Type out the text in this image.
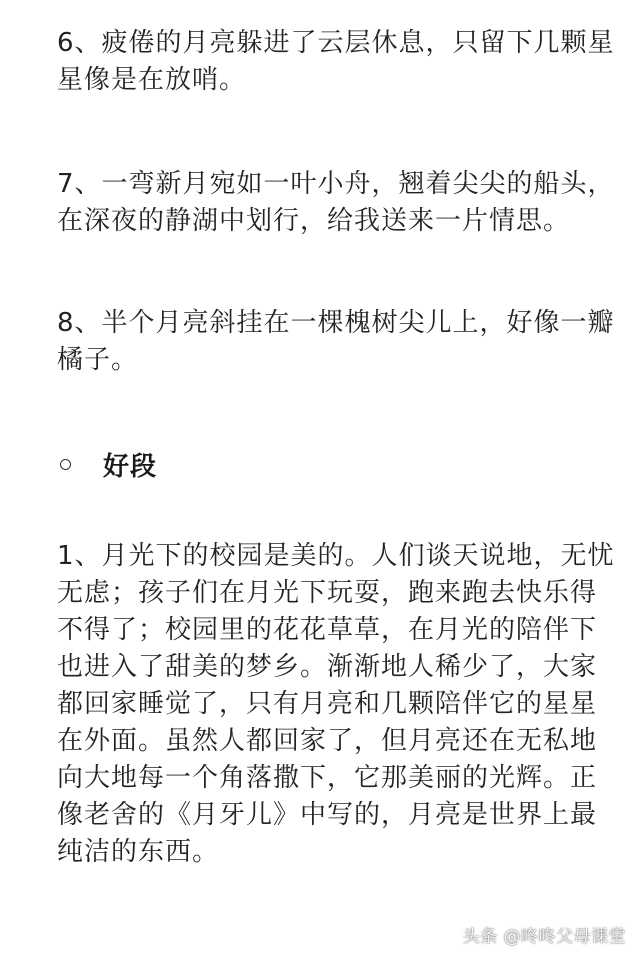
6、疲倦的月亮躲进了云层休息，只留下几颗星
星像是在放哨。
7、一弯新月宛如一叶小舟，翘着尖尖的船头，
在深夜的静湖中划行，给我送来一片情思。
8、半个月亮斜挂在一棵槐树尖儿上，好像一瓣
橘子。
好段
1、月光下的校园是美的。人们谈天说地，无忧
无虑；孩子们在月光下玩耍，跑来跑去快乐得
不得了；校园里的花花草草，在月光的陪伴下
也进入了甜美的梦乡。渐渐地人稀少了，大家
都回家睡觉了，只有月亮和几颗陪伴它的星星
在外面。虽然人都回家了，但月亮还在无私地
向大地每一个角落撒下，它那美丽的光辉。正
像老舍的《月牙儿》中写的，月亮是世界上最
纯洁的东西。
头条 @咚咚父母课堂
